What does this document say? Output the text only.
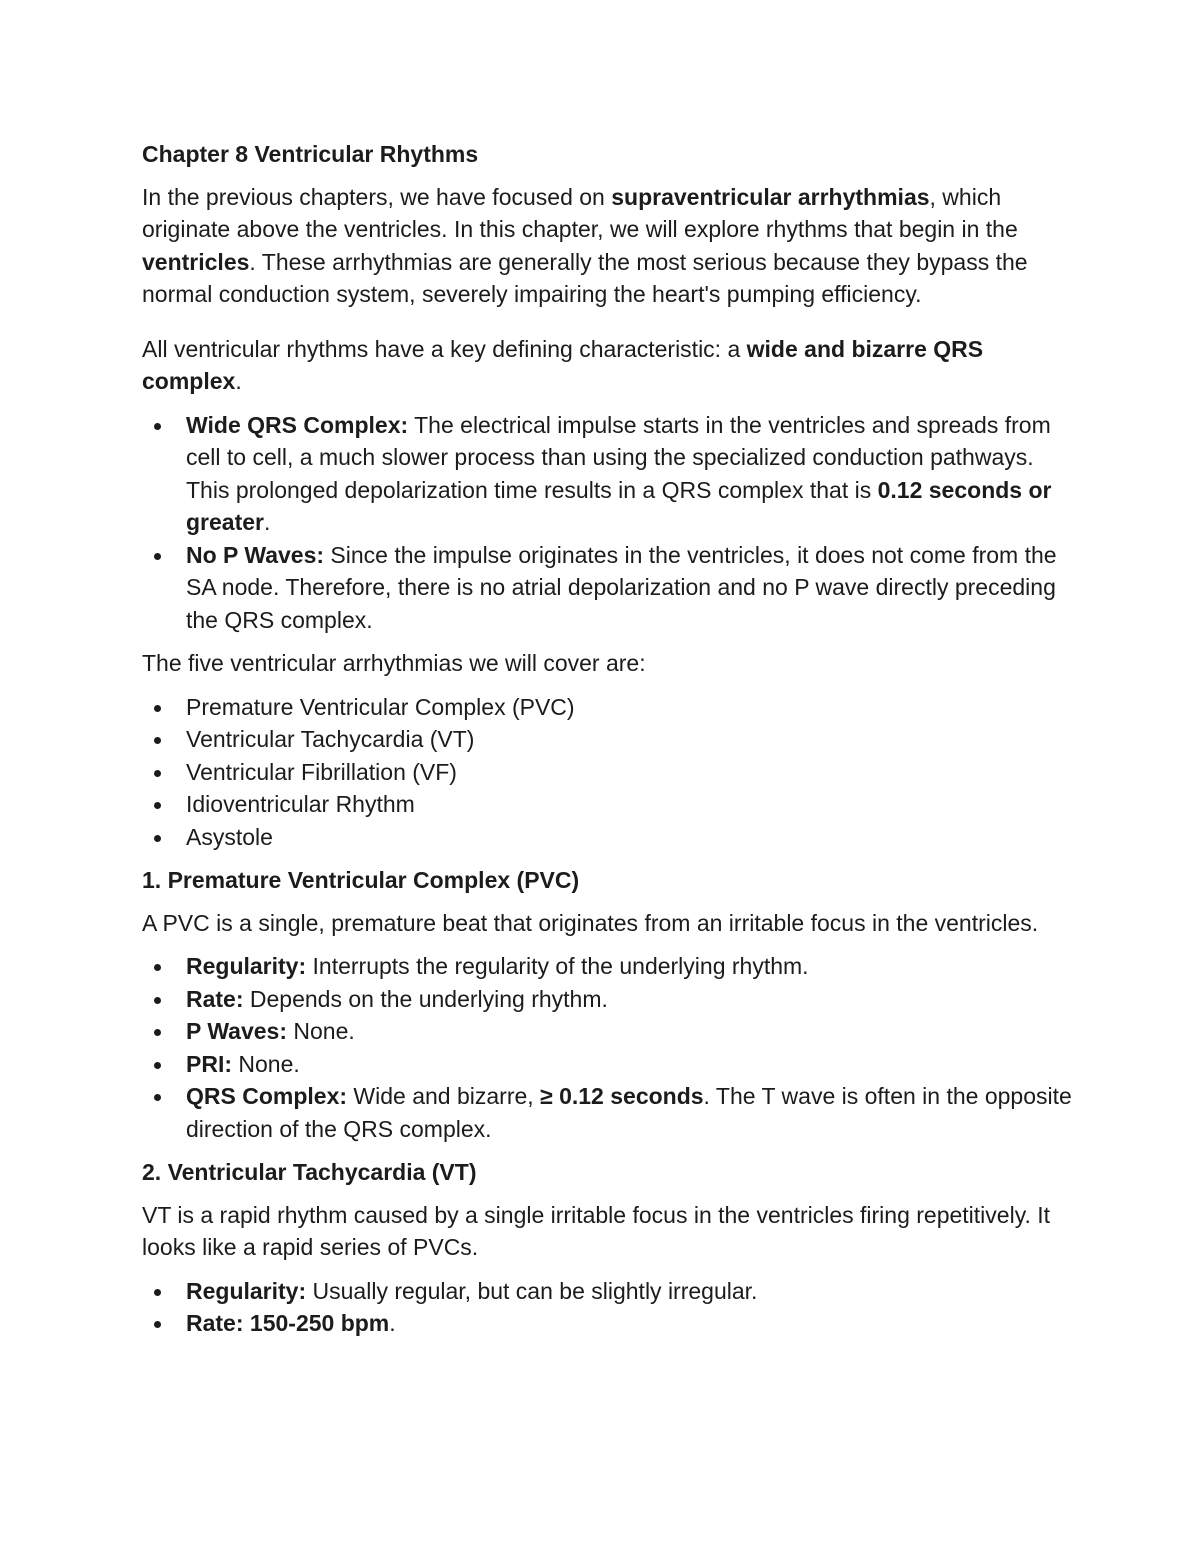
Chapter 8 Ventricular Rhythms
In the previous chapters, we have focused on supraventricular arrhythmias, which originate above the ventricles. In this chapter, we will explore rhythms that begin in the ventricles. These arrhythmias are generally the most serious because they bypass the normal conduction system, severely impairing the heart's pumping efficiency.
All ventricular rhythms have a key defining characteristic: a wide and bizarre QRS complex.
Wide QRS Complex: The electrical impulse starts in the ventricles and spreads from cell to cell, a much slower process than using the specialized conduction pathways. This prolonged depolarization time results in a QRS complex that is 0.12 seconds or greater.
No P Waves: Since the impulse originates in the ventricles, it does not come from the SA node. Therefore, there is no atrial depolarization and no P wave directly preceding the QRS complex.
The five ventricular arrhythmias we will cover are:
Premature Ventricular Complex (PVC)
Ventricular Tachycardia (VT)
Ventricular Fibrillation (VF)
Idioventricular Rhythm
Asystole
1. Premature Ventricular Complex (PVC)
A PVC is a single, premature beat that originates from an irritable focus in the ventricles.
Regularity: Interrupts the regularity of the underlying rhythm.
Rate: Depends on the underlying rhythm.
P Waves: None.
PRI: None.
QRS Complex: Wide and bizarre, ≥ 0.12 seconds. The T wave is often in the opposite direction of the QRS complex.
2. Ventricular Tachycardia (VT)
VT is a rapid rhythm caused by a single irritable focus in the ventricles firing repetitively. It looks like a rapid series of PVCs.
Regularity: Usually regular, but can be slightly irregular.
Rate: 150-250 bpm.
